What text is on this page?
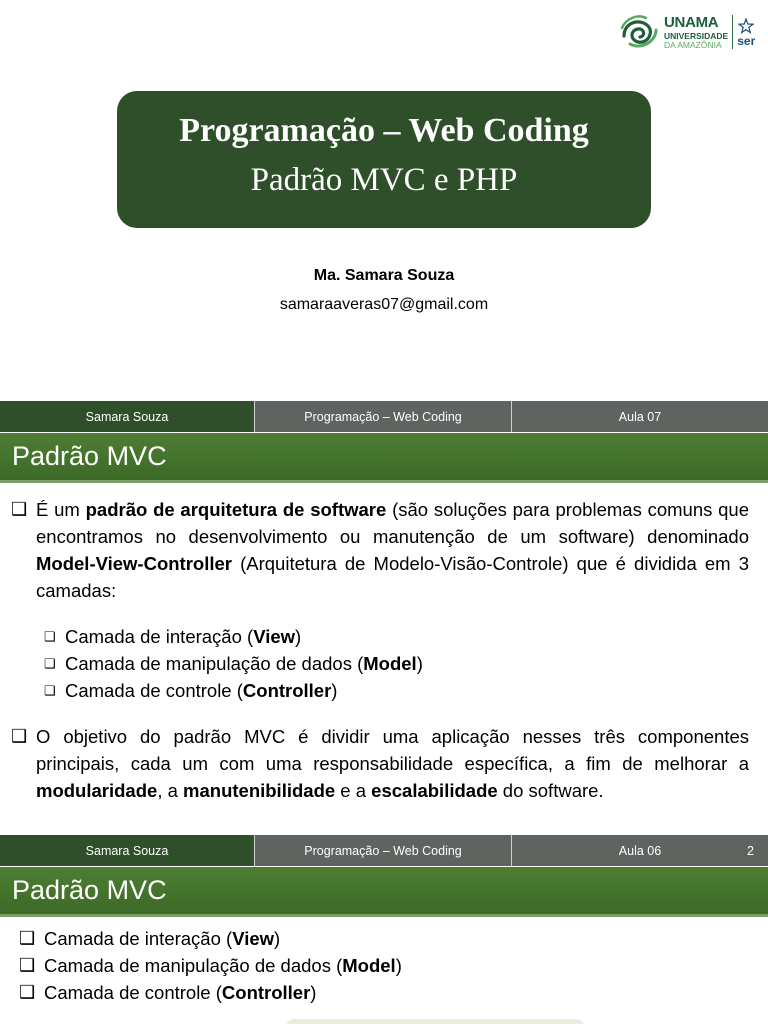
UNAMA
UNIVERSIDADE
DA AMAZÔNIA	ser
Programação – Web Coding
Padrão MVC e PHP
Ma. Samara Souza
samaraaveras07@gmail.com
Samara Souza	Programação – Web Coding	Aula 07
Padrão MVC
❑ É um padrão de arquitetura de software (são soluções para problemas comuns que encontramos no desenvolvimento ou manutenção de um software) denominado Model-View-Controller (Arquitetura de Modelo-Visão-Controle) que é dividida em 3 camadas:
❑ Camada de interação (View)
❑ Camada de manipulação de dados (Model)
❑ Camada de controle (Controller)
❑ O objetivo do padrão MVC é dividir uma aplicação nesses três componentes principais, cada um com uma responsabilidade específica, a fim de melhorar a modularidade, a manutenibilidade e a escalabilidade do software.
Samara Souza	Programação – Web Coding	Aula 06	2
Padrão MVC
❑ Camada de interação (View)
❑ Camada de manipulação de dados (Model)
❑ Camada de controle (Controller)
